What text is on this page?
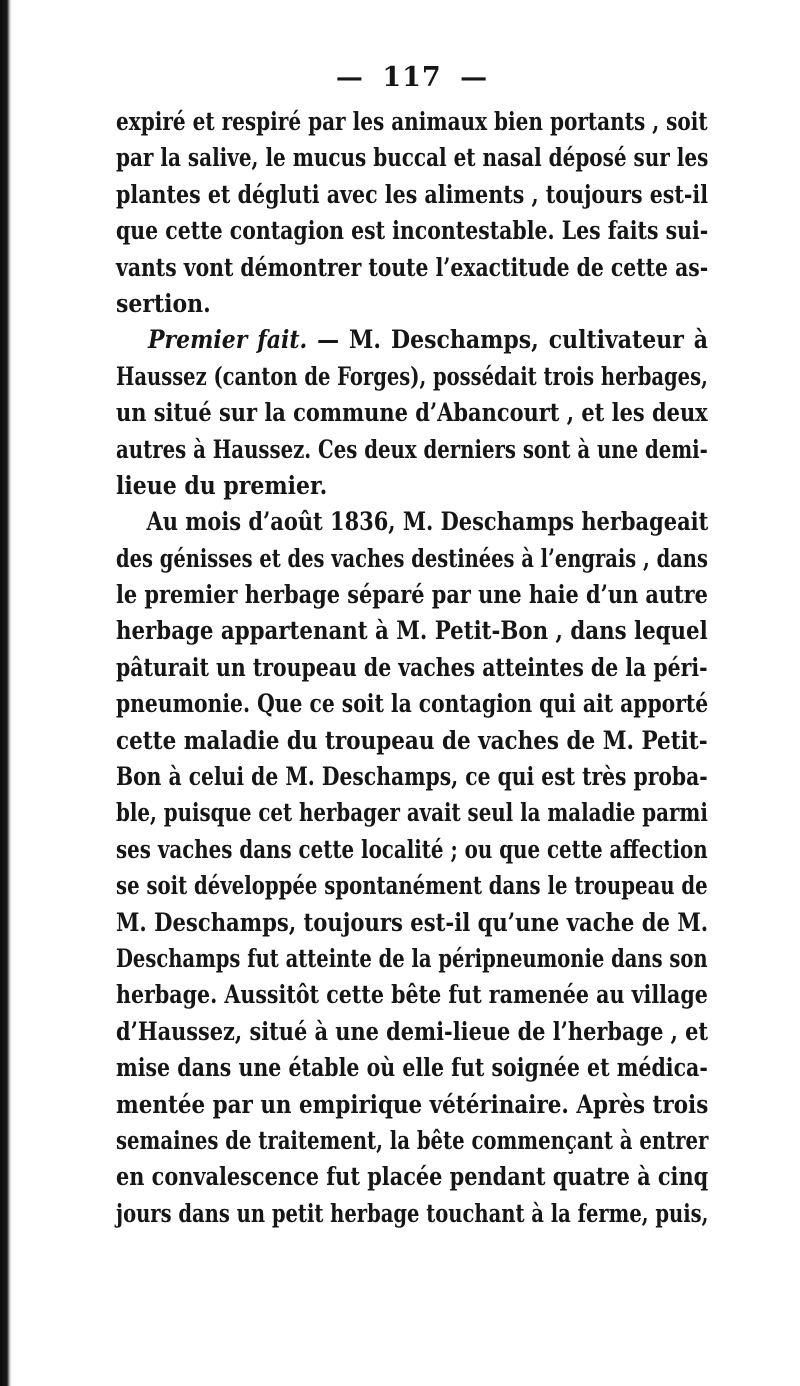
— 117 —
expiré et respiré par les animaux bien portants , soit
par la salive, le mucus buccal et nasal déposé sur les
plantes et dégluti avec les aliments , toujours est-il
que cette contagion est incontestable. Les faits sui-
vants vont démontrer toute l’exactitude de cette as-
sertion.
Premier fait. — M. Deschamps, cultivateur à
Haussez (canton de Forges), possédait trois herbages,
un situé sur la commune d’Abancourt , et les deux
autres à Haussez. Ces deux derniers sont à une demi-
lieue du premier.
Au mois d’août 1836, M. Deschamps herbageait
des génisses et des vaches destinées à l’engrais , dans
le premier herbage séparé par une haie d’un autre
herbage appartenant à M. Petit-Bon , dans lequel
pâturait un troupeau de vaches atteintes de la péri-
pneumonie. Que ce soit la contagion qui ait apporté
cette maladie du troupeau de vaches de M. Petit-
Bon à celui de M. Deschamps, ce qui est très proba-
ble, puisque cet herbager avait seul la maladie parmi
ses vaches dans cette localité ; ou que cette affection
se soit développée spontanément dans le troupeau de
M. Deschamps, toujours est-il qu’une vache de M.
Deschamps fut atteinte de la péripneumonie dans son
herbage. Aussitôt cette bête fut ramenée au village
d’Haussez, situé à une demi-lieue de l’herbage , et
mise dans une étable où elle fut soignée et médica-
mentée par un empirique vétérinaire. Après trois
semaines de traitement, la bête commençant à entrer
en convalescence fut placée pendant quatre à cinq
jours dans un petit herbage touchant à la ferme, puis,
